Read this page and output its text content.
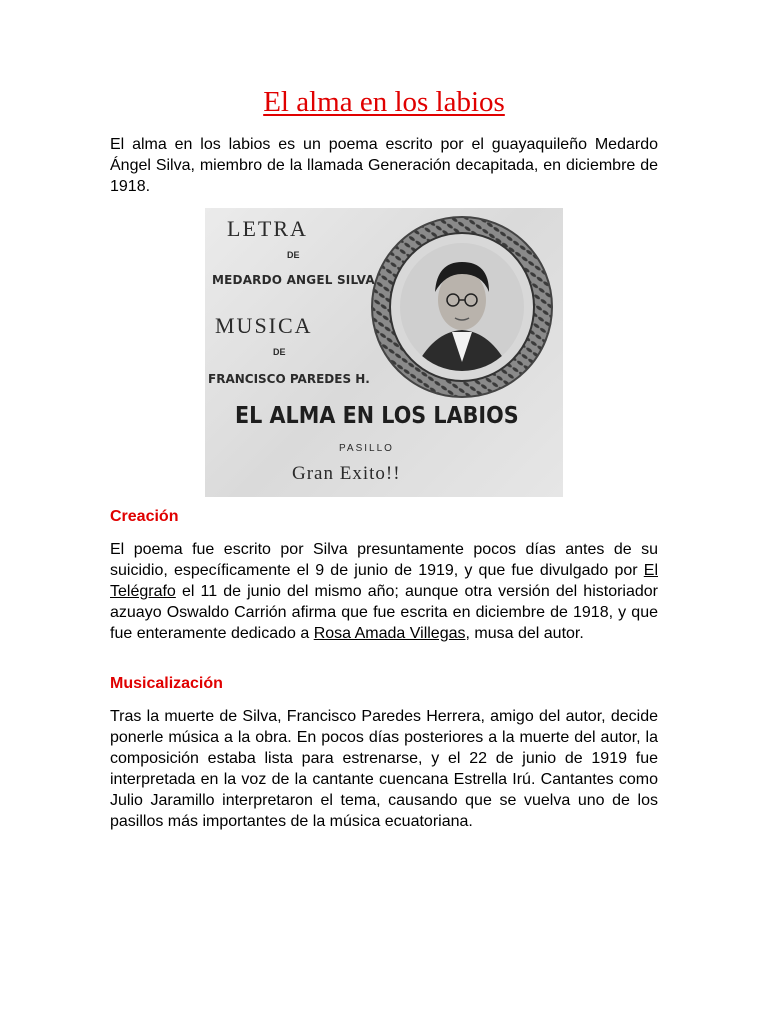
El alma en los labios

El alma en los labios es un poema escrito por el guayaquileño Medardo Ángel Silva, miembro de la llamada Generación decapitada, en diciembre de 1918.

Creación

El poema fue escrito por Silva presuntamente pocos días antes de su suicidio, específicamente el 9 de junio de 1919, y que fue divulgado por El Telégrafo el 11 de junio del mismo año; aunque otra versión del historiador azuayo Oswaldo Carrión afirma que fue escrita en diciembre de 1918, y que fue enteramente dedicado a Rosa Amada Villegas, musa del autor.

Musicalización

Tras la muerte de Silva, Francisco Paredes Herrera, amigo del autor, decide ponerle música a la obra. En pocos días posteriores a la muerte del autor, la composición estaba lista para estrenarse, y el 22 de junio de 1919 fue interpretada en la voz de la cantante cuencana Estrella Irú. Cantantes como Julio Jaramillo interpretaron el tema, causando que se vuelva uno de los pasillos más importantes de la música ecuatoriana.

LETRA
DE
MEDARDO ANGEL SILVA
MUSICA
DE
FRANCISCO PAREDES H.
EL ALMA EN LOS LABIOS
PASILLO
Gran Exito!!
